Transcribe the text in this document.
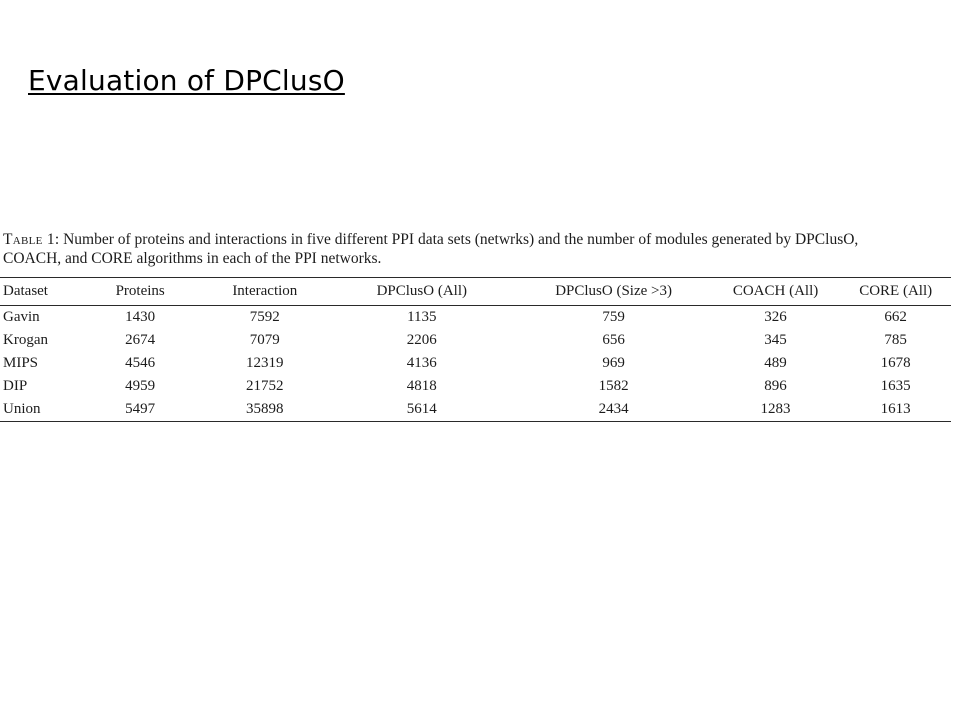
Evaluation of DPClusO
Table 1: Number of proteins and interactions in five different PPI data sets (netwrks) and the number of modules generated by DPClusO,
COACH, and CORE algorithms in each of the PPI networks.
Dataset	Proteins	Interaction	DPClusO (All)	DPClusO (Size >3)	COACH (All)	CORE (All)
Gavin	1430	7592	1135	759	326	662
Krogan	2674	7079	2206	656	345	785
MIPS	4546	12319	4136	969	489	1678
DIP	4959	21752	4818	1582	896	1635
Union	5497	35898	5614	2434	1283	1613
